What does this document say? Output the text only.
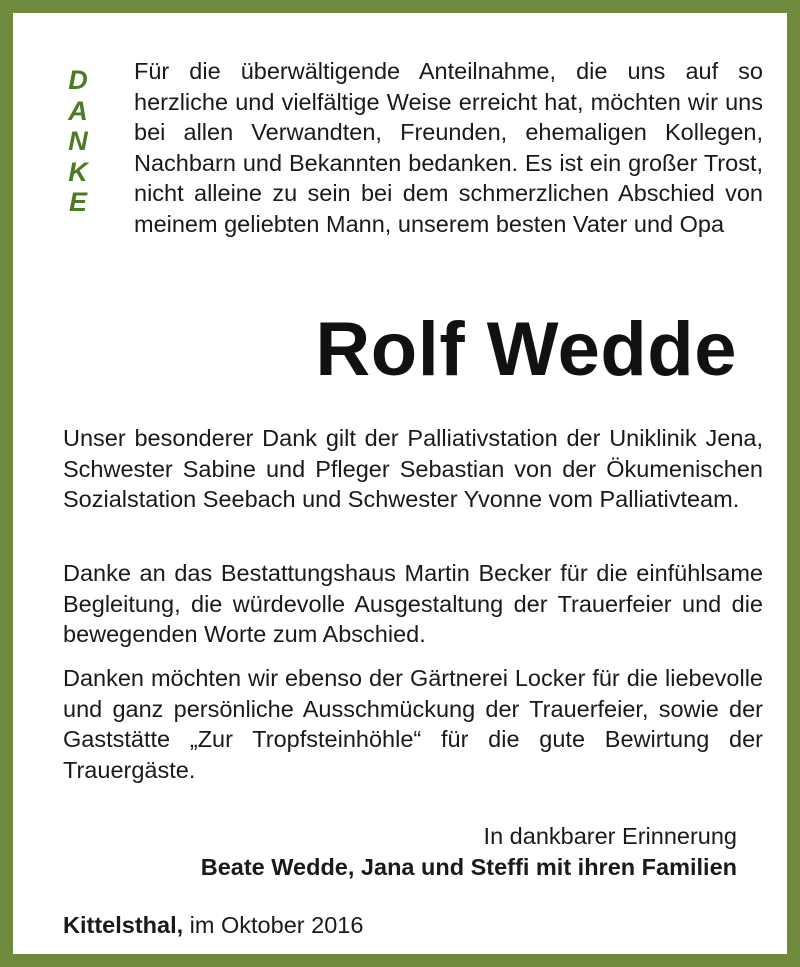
D
A
N
K
E

Für die überwältigende Anteilnahme, die uns auf so herzliche und vielfältige Weise erreicht hat, möchten wir uns bei allen Verwandten, Freunden, ehemaligen Kollegen, Nachbarn und Bekannten bedanken. Es ist ein großer Trost, nicht alleine zu sein bei dem schmerzlichen Abschied von meinem geliebten Mann, unserem besten Vater und Opa

Rolf Wedde

Unser besonderer Dank gilt der Palliativstation der Uniklinik Jena, Schwester Sabine und Pfleger Sebastian von der Ökumenischen Sozialstation Seebach und Schwester Yvonne vom Palliativteam.

Danke an das Bestattungshaus Martin Becker für die einfühlsame Begleitung, die würdevolle Ausgestaltung der Trauerfeier und die bewegenden Worte zum Abschied.

Danken möchten wir ebenso der Gärtnerei Locker für die liebevolle und ganz persönliche Ausschmückung der Trauerfeier, sowie der Gaststätte „Zur Tropfsteinhöhle“ für die gute Bewirtung der Trauergäste.

In dankbarer Erinnerung
Beate Wedde, Jana und Steffi mit ihren Familien
Kittelsthal, im Oktober 2016
